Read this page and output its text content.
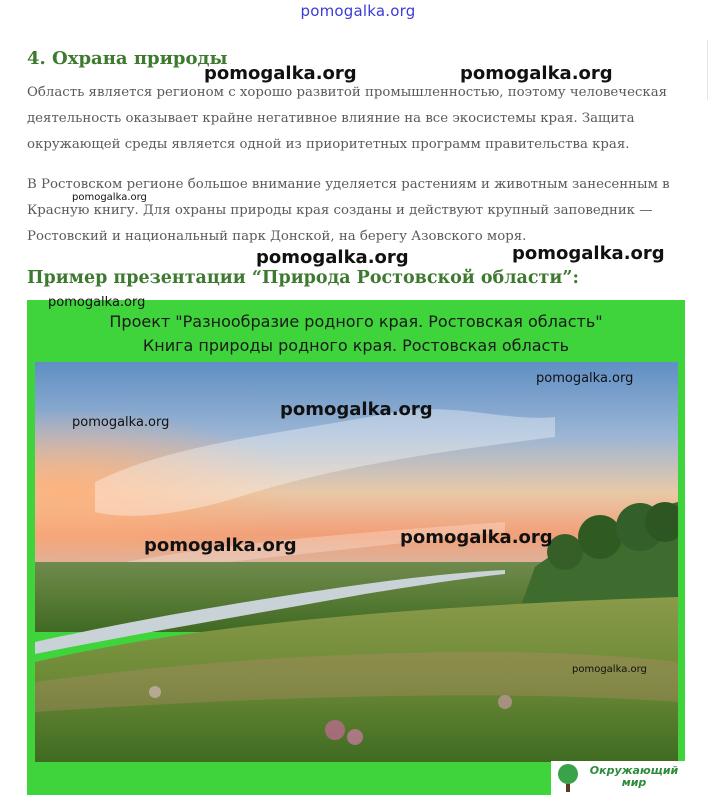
pomogalka.org
4. Охрана природы

Область является регионом с хорошо развитой промышленностью, поэтому человеческая деятельность оказывает крайне негативное влияние на все экосистемы края. Защита окружающей среды является одной из приоритетных программ правительства края.

В Ростовском регионе большое внимание уделяется растениям и животным занесенным в Красную книгу. Для охраны природы края созданы и действуют крупный заповедник — Ростовский и национальный парк Донской, на берегу Азовского моря.

Пример презентации “Природа Ростовской области”:
Проект "Разнообразие родного края. Ростовская область"
Книга природы родного края. Ростовская область
Окружающий
мир
pomogalka.org	pomogalka.org
pomogalka.org
pomogalka.org	pomogalka.org
pomogalka.org
pomogalka.org
pomogalka.org
pomogalka.org
pomogalka.org
pomogalka.org
pomogalka.org
